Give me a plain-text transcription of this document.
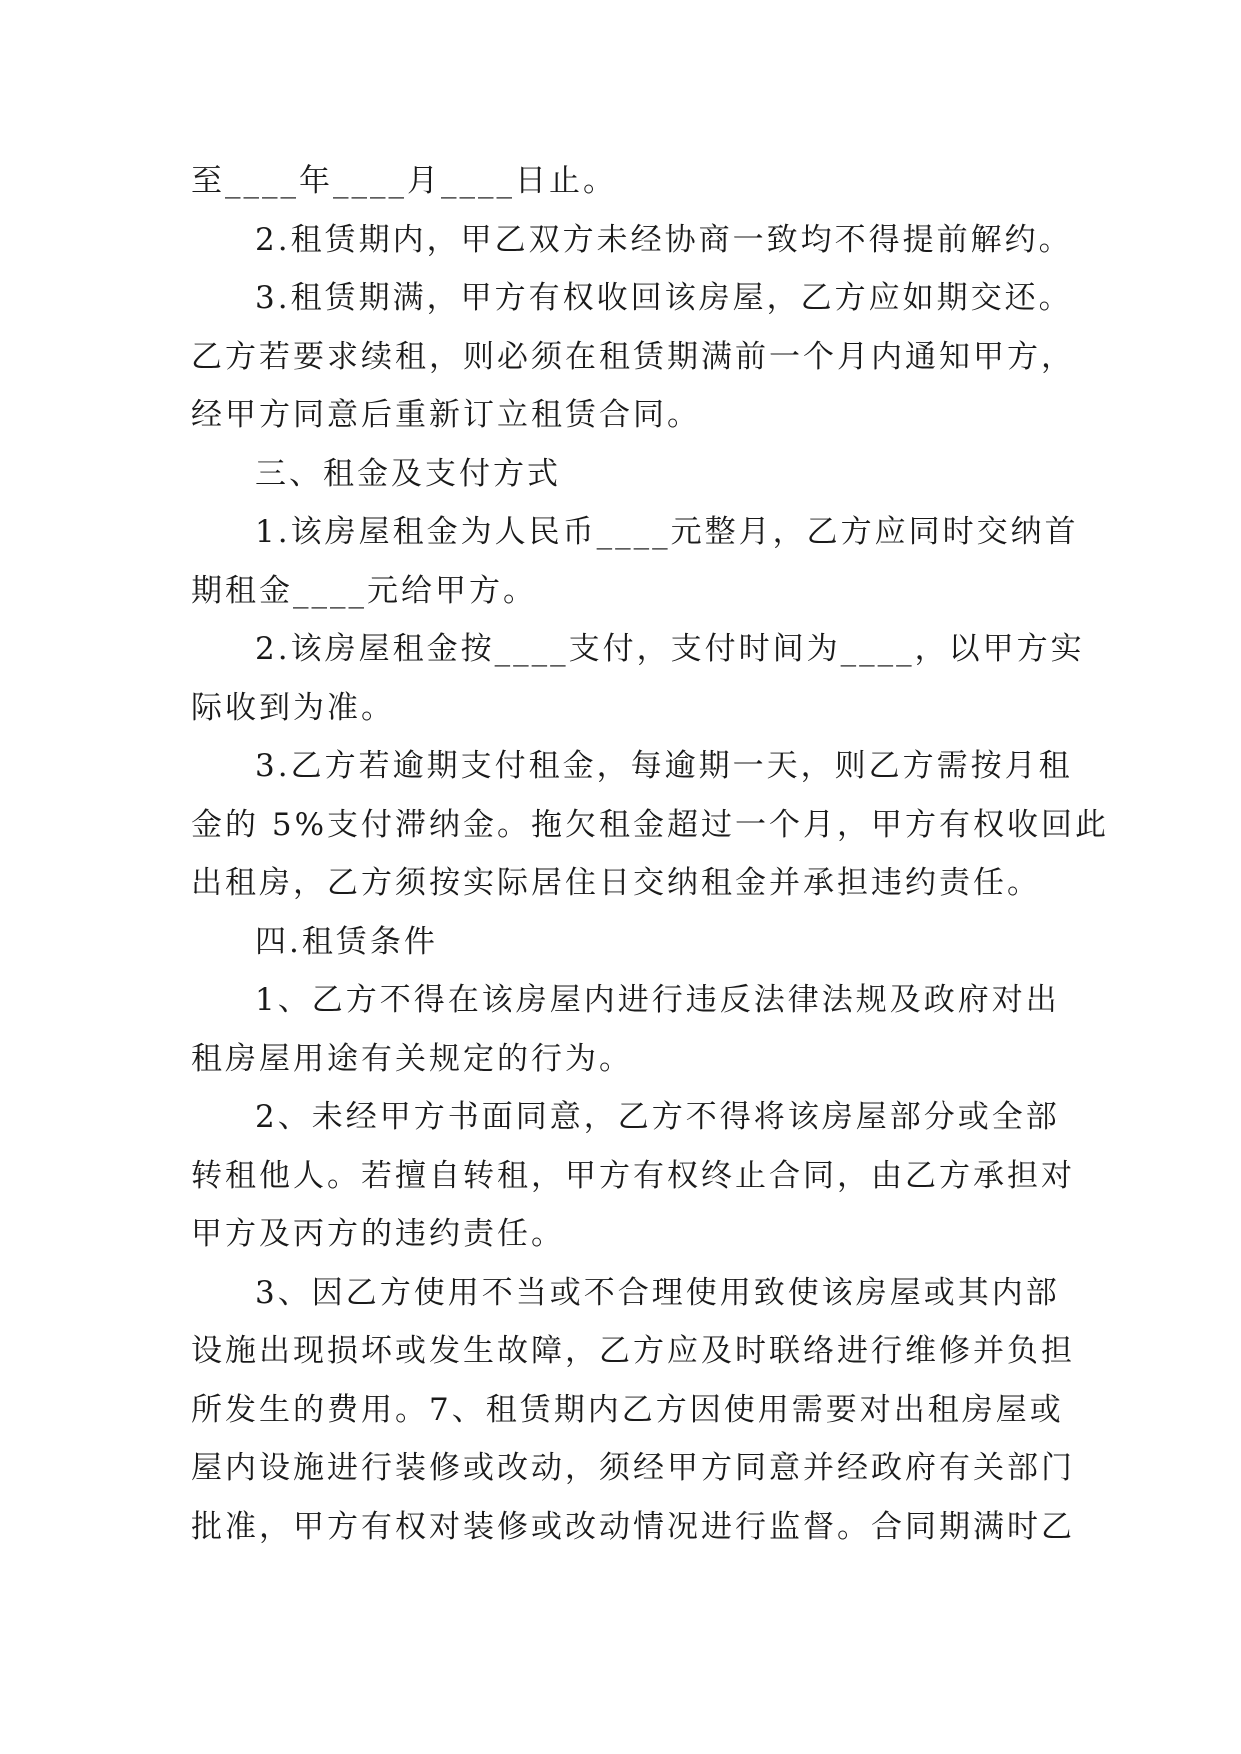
至____年____月____日止。
2.租赁期内，甲乙双方未经协商一致均不得提前解约。
3.租赁期满，甲方有权收回该房屋，乙方应如期交还。
乙方若要求续租，则必须在租赁期满前一个月内通知甲方，
经甲方同意后重新订立租赁合同。
三、租金及支付方式
1.该房屋租金为人民币____元整月，乙方应同时交纳首
期租金____元给甲方。
2.该房屋租金按____支付，支付时间为____，以甲方实
际收到为准。
3.乙方若逾期支付租金，每逾期一天，则乙方需按月租
金的 5%支付滞纳金。拖欠租金超过一个月，甲方有权收回此
出租房，乙方须按实际居住日交纳租金并承担违约责任。
四.租赁条件
1、乙方不得在该房屋内进行违反法律法规及政府对出
租房屋用途有关规定的行为。
2、未经甲方书面同意，乙方不得将该房屋部分或全部
转租他人。若擅自转租，甲方有权终止合同，由乙方承担对
甲方及丙方的违约责任。
3、因乙方使用不当或不合理使用致使该房屋或其内部
设施出现损坏或发生故障，乙方应及时联络进行维修并负担
所发生的费用。7、租赁期内乙方因使用需要对出租房屋或
屋内设施进行装修或改动，须经甲方同意并经政府有关部门
批准，甲方有权对装修或改动情况进行监督。合同期满时乙
